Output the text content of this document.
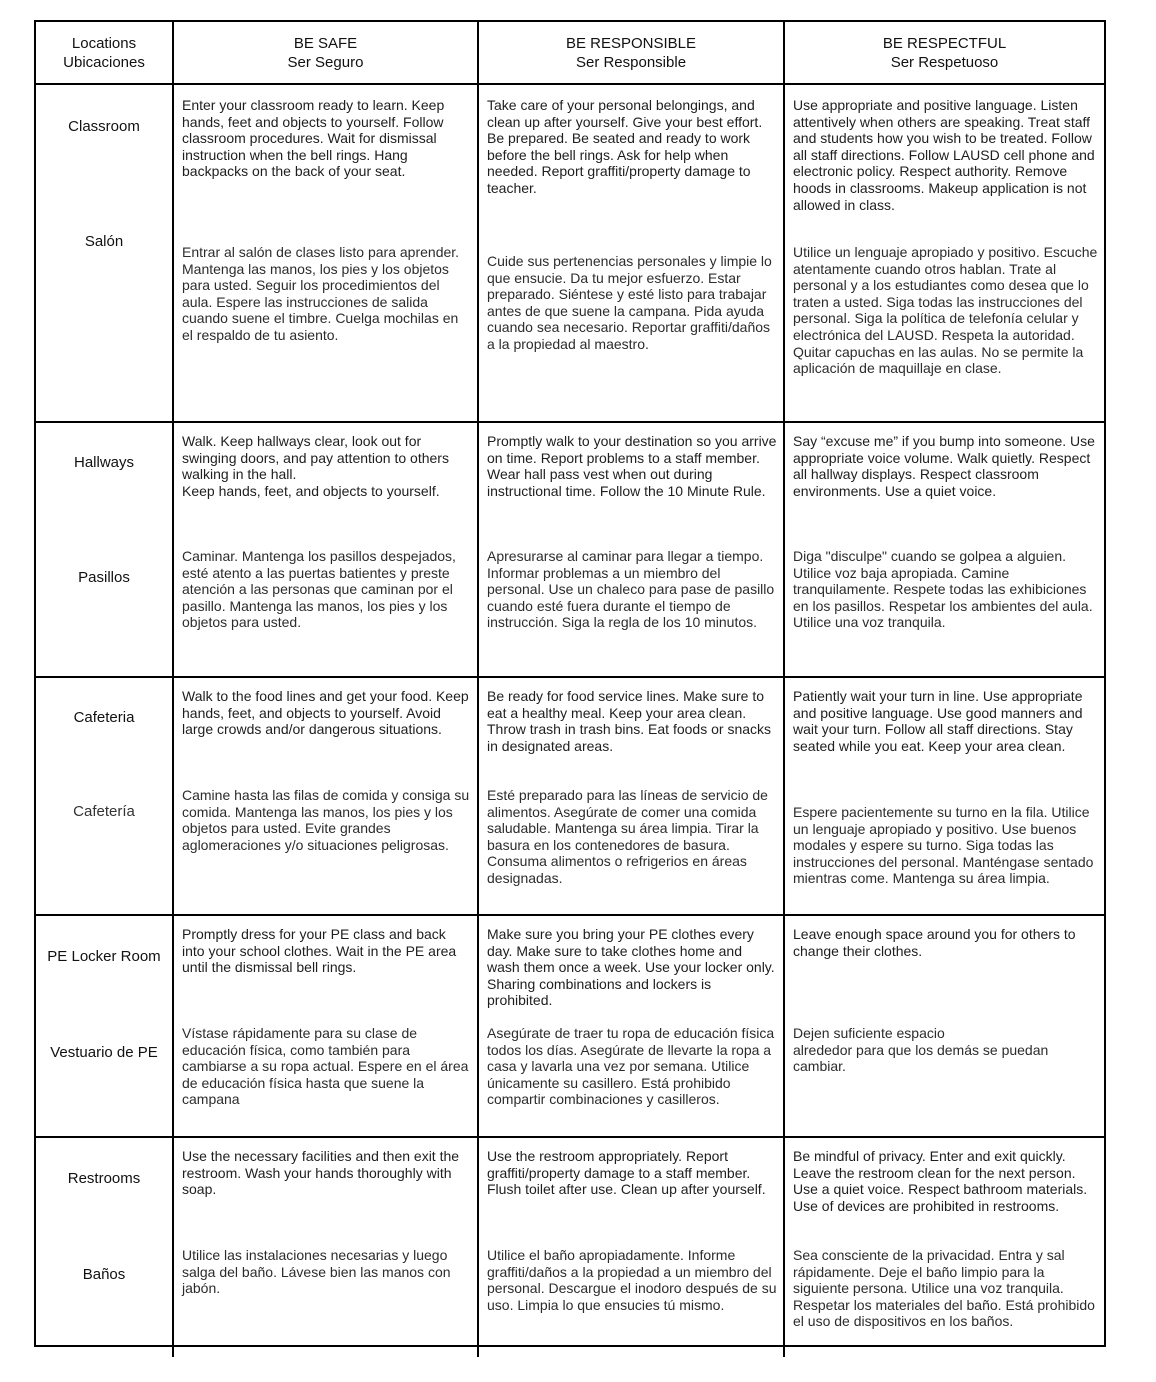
Locations
Ubicaciones
BE SAFE
Ser Seguro
BE RESPONSIBLE
Ser Responsible
BE RESPECTFUL
Ser Respetuoso
Classroom
Salón

Enter your classroom ready to learn. Keep hands, feet and objects to yourself. Follow classroom procedures. Wait for dismissal instruction when the bell rings. Hang backpacks on the back of your seat.

Entrar al salón de clases listo para aprender. Mantenga las manos, los pies y los objetos para usted. Seguir los procedimientos del aula. Espere las instrucciones de salida cuando suene el timbre. Cuelga mochilas en el respaldo de tu asiento.

Take care of your personal belongings, and clean up after yourself. Give your best effort. Be prepared. Be seated and ready to work before the bell rings. Ask for help when needed. Report graffiti/property damage to teacher.

Cuide sus pertenencias personales y limpie lo que ensucie. Da tu mejor esfuerzo. Estar preparado. Siéntese y esté listo para trabajar antes de que suene la campana. Pida ayuda cuando sea necesario. Reportar graffiti/daños a la propiedad al maestro.

Use appropriate and positive language. Listen attentively when others are speaking. Treat staff and students how you wish to be treated. Follow all staff directions. Follow LAUSD cell phone and electronic policy. Respect authority. Remove hoods in classrooms. Makeup application is not allowed in class.

Utilice un lenguaje apropiado y positivo. Escuche atentamente cuando otros hablan. Trate al personal y a los estudiantes como desea que lo traten a usted. Siga todas las instrucciones del personal. Siga la política de telefonía celular y electrónica del LAUSD. Respeta la autoridad. Quitar capuchas en las aulas. No se permite la aplicación de maquillaje en clase.

Hallways
Pasillos

Walk. Keep hallways clear, look out for swinging doors, and pay attention to others walking in the hall.
Keep hands, feet, and objects to yourself.

Caminar. Mantenga los pasillos despejados, esté atento a las puertas batientes y preste atención a las personas que caminan por el pasillo. Mantenga las manos, los pies y los objetos para usted.

Promptly walk to your destination so you arrive on time. Report problems to a staff member. Wear hall pass vest when out during instructional time. Follow the 10 Minute Rule.

Apresurarse al caminar para llegar a tiempo. Informar problemas a un miembro del personal. Use un chaleco para pase de pasillo cuando esté fuera durante el tiempo de instrucción. Siga la regla de los 10 minutos.

Say “excuse me” if you bump into someone. Use appropriate voice volume. Walk quietly. Respect all hallway displays. Respect classroom environments. Use a quiet voice.

Diga "disculpe" cuando se golpea a alguien. Utilice voz baja apropiada. Camine tranquilamente. Respete todas las exhibiciones en los pasillos. Respetar los ambientes del aula. Utilice una voz tranquila.

Cafeteria
Cafetería

Walk to the food lines and get your food. Keep hands, feet, and objects to yourself. Avoid large crowds and/or dangerous situations.

Camine hasta las filas de comida y consiga su comida. Mantenga las manos, los pies y los objetos para usted. Evite grandes aglomeraciones y/o situaciones peligrosas.

Be ready for food service lines. Make sure to eat a healthy meal. Keep your area clean. Throw trash in trash bins. Eat foods or snacks in designated areas.

Esté preparado para las líneas de servicio de alimentos. Asegúrate de comer una comida saludable. Mantenga su área limpia. Tirar la basura en los contenedores de basura. Consuma alimentos o refrigerios en áreas designadas.

Patiently wait your turn in line. Use appropriate and positive language. Use good manners and wait your turn. Follow all staff directions. Stay seated while you eat. Keep your area clean.

Espere pacientemente su turno en la fila. Utilice un lenguaje apropiado y positivo. Use buenos modales y espere su turno. Siga todas las instrucciones del personal. Manténgase sentado mientras come. Mantenga su área limpia.

PE Locker Room
Vestuario de PE

Promptly dress for your PE class and back into your school clothes. Wait in the PE area until the dismissal bell rings.

Vístase rápidamente para su clase de educación física, como también para cambiarse a su ropa actual. Espere en el área de educación física hasta que suene la campana

Make sure you bring your PE clothes every day. Make sure to take clothes home and wash them once a week. Use your locker only. Sharing combinations and lockers is prohibited.

Asegúrate de traer tu ropa de educación física todos los días. Asegúrate de llevarte la ropa a casa y lavarla una vez por semana. Utilice únicamente su casillero. Está prohibido compartir combinaciones y casilleros.

Leave enough space around you for others to change their clothes.

Dejen suficiente espacio
alrededor para que los demás se puedan cambiar.

Restrooms
Baños

Use the necessary facilities and then exit the restroom. Wash your hands thoroughly with soap.

Utilice las instalaciones necesarias y luego salga del baño. Lávese bien las manos con jabón.

Use the restroom appropriately. Report graffiti/property damage to a staff member. Flush toilet after use. Clean up after yourself.

Utilice el baño apropiadamente. Informe graffiti/daños a la propiedad a un miembro del personal. Descargue el inodoro después de su uso. Limpia lo que ensucies tú mismo.

Be mindful of privacy. Enter and exit quickly. Leave the restroom clean for the next person. Use a quiet voice. Respect bathroom materials. Use of devices are prohibited in restrooms.

Sea consciente de la privacidad. Entra y sal rápidamente. Deje el baño limpio para la siguiente persona. Utilice una voz tranquila. Respetar los materiales del baño. Está prohibido el uso de dispositivos en los baños.
